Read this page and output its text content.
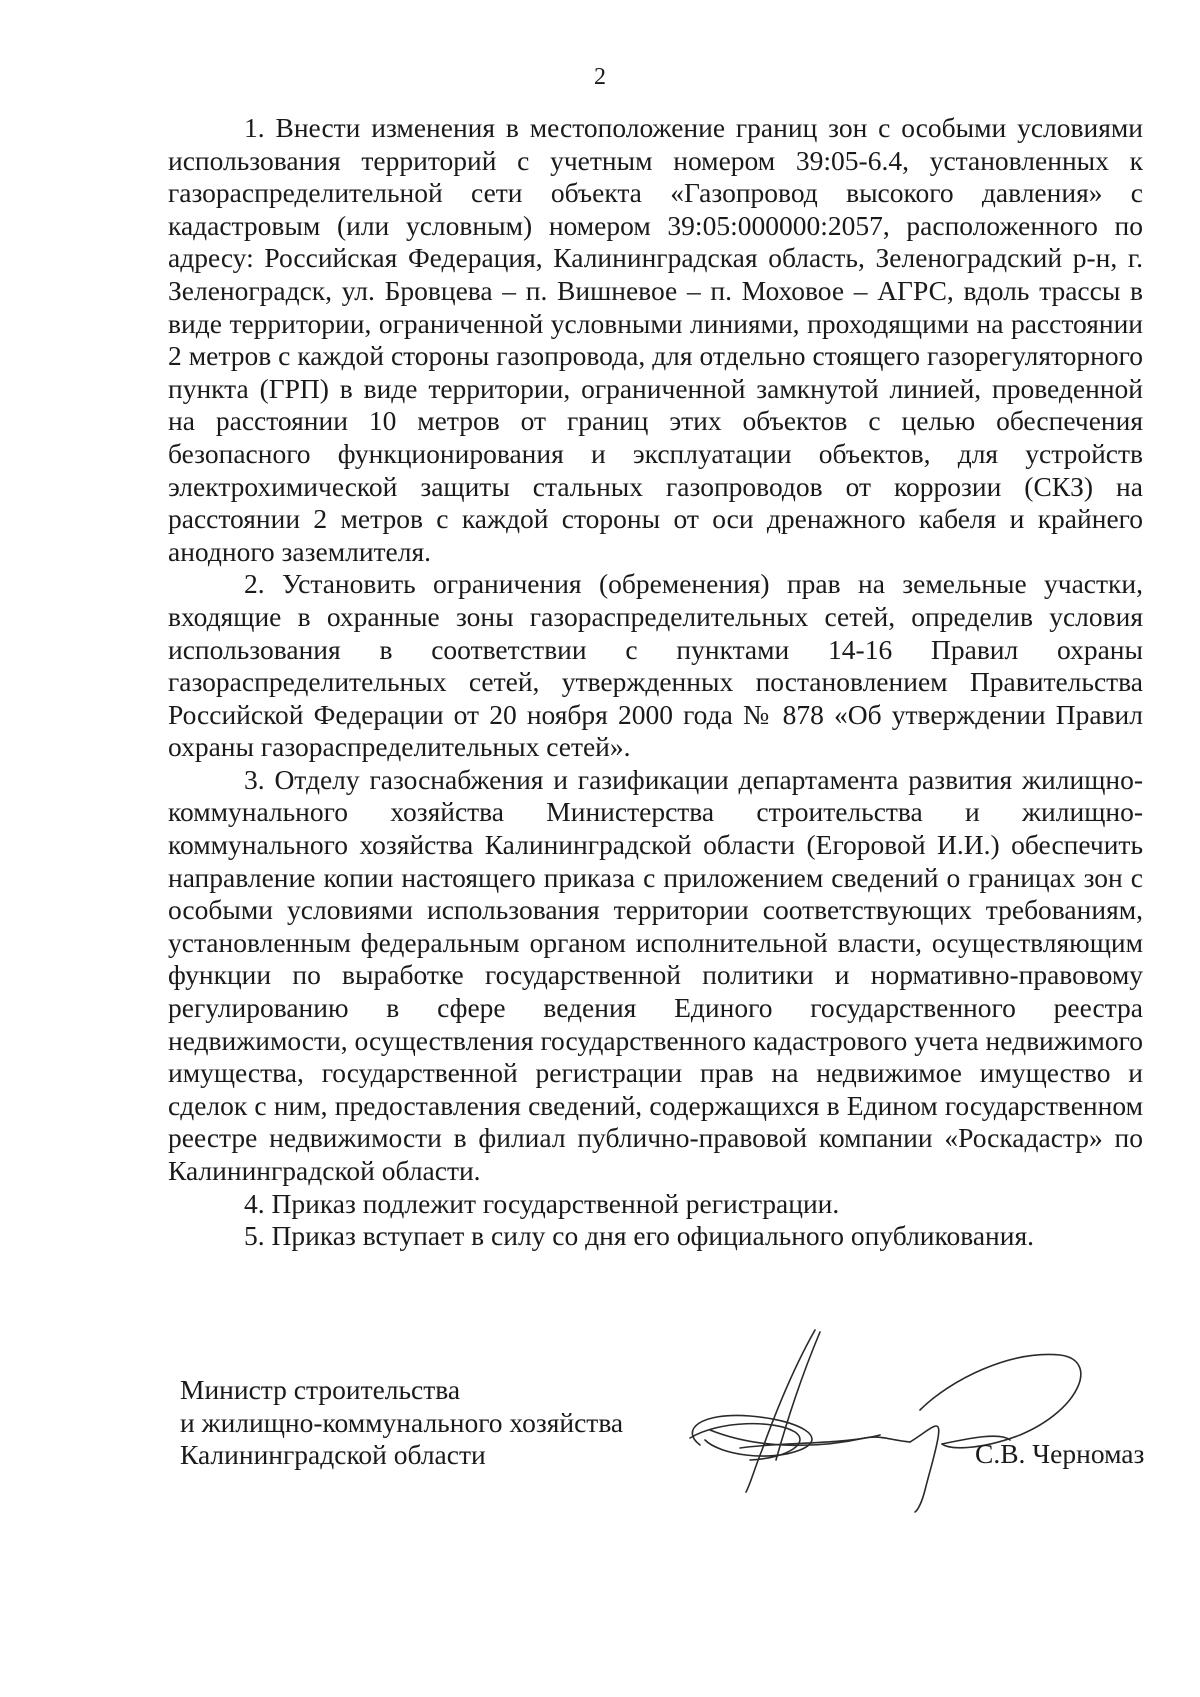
2

1. Внести изменения в местоположение границ зон с особыми условиями использования территорий с учетным номером 39:05-6.4, установленных к газораспределительной сети объекта «Газопровод высокого давления» с кадастровым (или условным) номером 39:05:000000:2057, расположенного по адресу: Российская Федерация, Калининградская область, Зеленоградский р-н, г. Зеленоградск, ул. Бровцева – п. Вишневое – п. Моховое – АГРС, вдоль трассы в виде территории, ограниченной условными линиями, проходящими на расстоянии 2 метров с каждой стороны газопровода, для отдельно стоящего газорегуляторного пункта (ГРП) в виде территории, ограниченной замкнутой линией, проведенной на расстоянии 10 метров от границ этих объектов с целью обеспечения безопасного функционирования и эксплуатации объектов, для устройств электрохимической защиты стальных газопроводов от коррозии (СКЗ) на расстоянии 2 метров с каждой стороны от оси дренажного кабеля и крайнего анодного заземлителя.

2. Установить ограничения (обременения) прав на земельные участки, входящие в охранные зоны газораспределительных сетей, определив условия использования в соответствии с пунктами 14-16 Правил охраны газораспределительных сетей, утвержденных постановлением Правительства Российской Федерации от 20 ноября 2000 года № 878 «Об утверждении Правил охраны газораспределительных сетей».

3. Отделу газоснабжения и газификации департамента развития жилищно-коммунального хозяйства Министерства строительства и жилищно-коммунального хозяйства Калининградской области (Егоровой И.И.) обеспечить направление копии настоящего приказа с приложением сведений о границах зон с особыми условиями использования территории соответствующих требованиям, установленным федеральным органом исполнительной власти, осуществляющим функции по выработке государственной политики и нормативно-правовому регулированию в сфере ведения Единого государственного реестра недвижимости, осуществления государственного кадастрового учета недвижимого имущества, государственной регистрации прав на недвижимое имущество и сделок с ним, предоставления сведений, содержащихся в Едином государственном реестре недвижимости в филиал публично-правовой компании «Роскадастр» по Калининградской области.

4. Приказ подлежит государственной регистрации.

5. Приказ вступает в силу со дня его официального опубликования.

Министр строительства
и жилищно-коммунального хозяйства
Калининградской области	С.В. Черномаз
